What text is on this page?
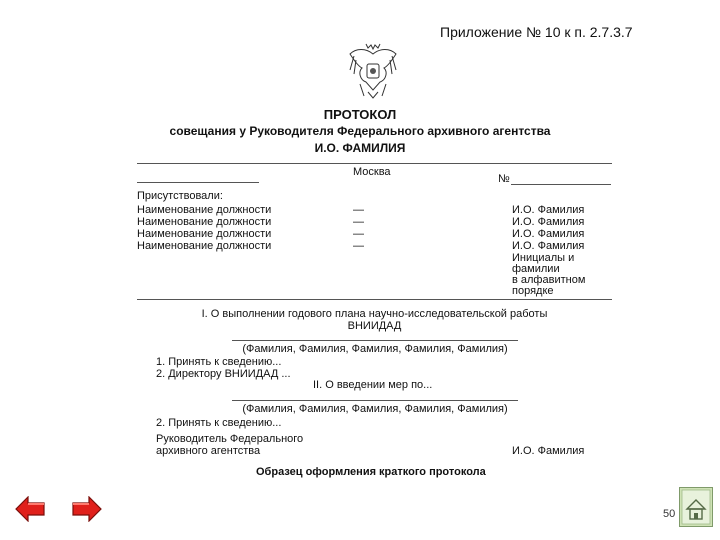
Приложение № 10 к п. 2.7.3.7
ПРОТОКОЛ
совещания у Руководителя Федерального архивного агентства
И.О. ФАМИЛИЯ
Москва
№
Присутствовали:
Наименование должности	—	И.О. Фамилия
Наименование должности	—	И.О. Фамилия
Наименование должности	—	И.О. Фамилия
Наименование должности	—	И.О. Фамилия
Инициалы и
фамилии
в алфавитном
порядке
I. О выполнении годового плана научно-исследовательской работы
ВНИИДАД
(Фамилия, Фамилия, Фамилия, Фамилия, Фамилия)
1. Принять к сведению...
2. Директору ВНИИДАД ...
II. О введении мер по...
(Фамилия, Фамилия, Фамилия, Фамилия, Фамилия)
2. Принять к сведению...
Руководитель Федерального
архивного агентства	И.О. Фамилия
Образец оформления краткого протокола
50
